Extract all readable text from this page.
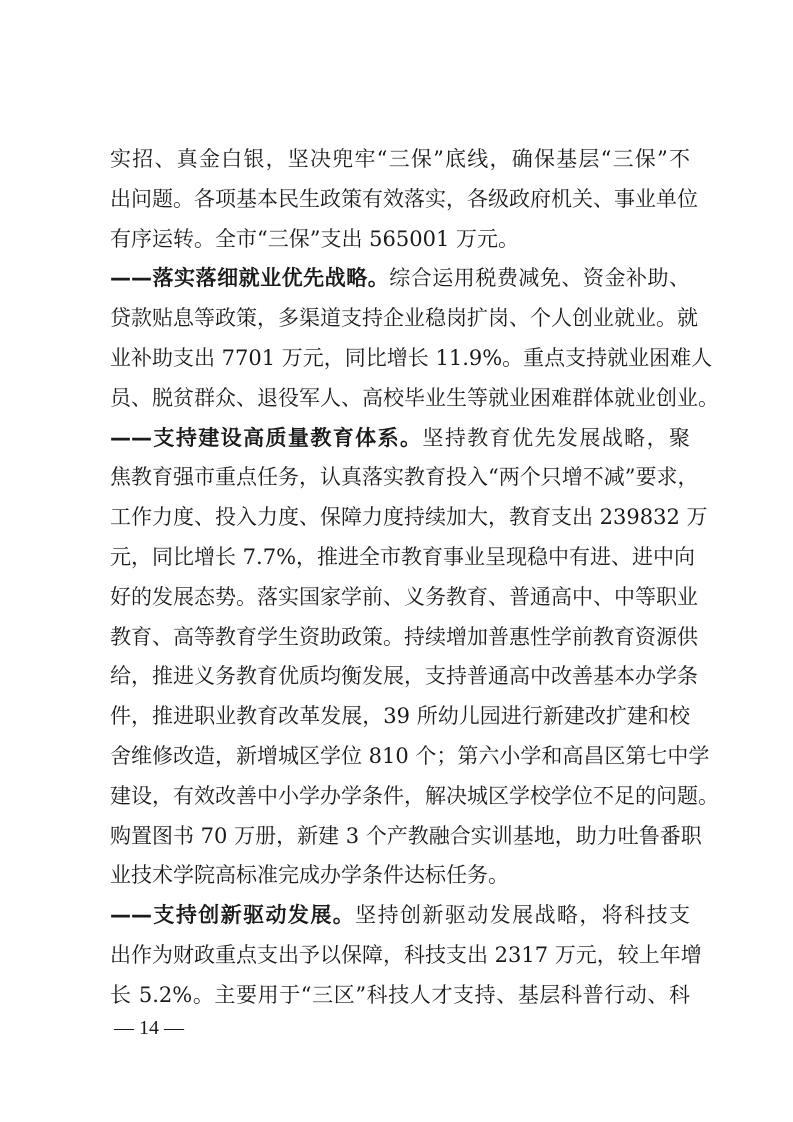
实招、真金白银，坚决兜牢“三保”底线，确保基层“三保”不
出问题。各项基本民生政策有效落实，各级政府机关、事业单位
有序运转。全市“三保”支出 565001 万元。
——落实落细就业优先战略。综合运用税费减免、资金补助、
贷款贴息等政策，多渠道支持企业稳岗扩岗、个人创业就业。就
业补助支出 7701 万元，同比增长 11.9%。重点支持就业困难人
员、脱贫群众、退役军人、高校毕业生等就业困难群体就业创业。
——支持建设高质量教育体系。坚持教育优先发展战略，聚
焦教育强市重点任务，认真落实教育投入“两个只增不减”要求，
工作力度、投入力度、保障力度持续加大，教育支出 239832 万
元，同比增长 7.7%，推进全市教育事业呈现稳中有进、进中向
好的发展态势。落实国家学前、义务教育、普通高中、中等职业
教育、高等教育学生资助政策。持续增加普惠性学前教育资源供
给，推进义务教育优质均衡发展，支持普通高中改善基本办学条
件，推进职业教育改革发展，39 所幼儿园进行新建改扩建和校
舍维修改造，新增城区学位 810 个；第六小学和高昌区第七中学
建设，有效改善中小学办学条件，解决城区学校学位不足的问题。
购置图书 70 万册，新建 3 个产教融合实训基地，助力吐鲁番职
业技术学院高标准完成办学条件达标任务。
——支持创新驱动发展。坚持创新驱动发展战略，将科技支
出作为财政重点支出予以保障，科技支出 2317 万元，较上年增
长 5.2%。主要用于“三区”科技人才支持、基层科普行动、科
— 14 —
